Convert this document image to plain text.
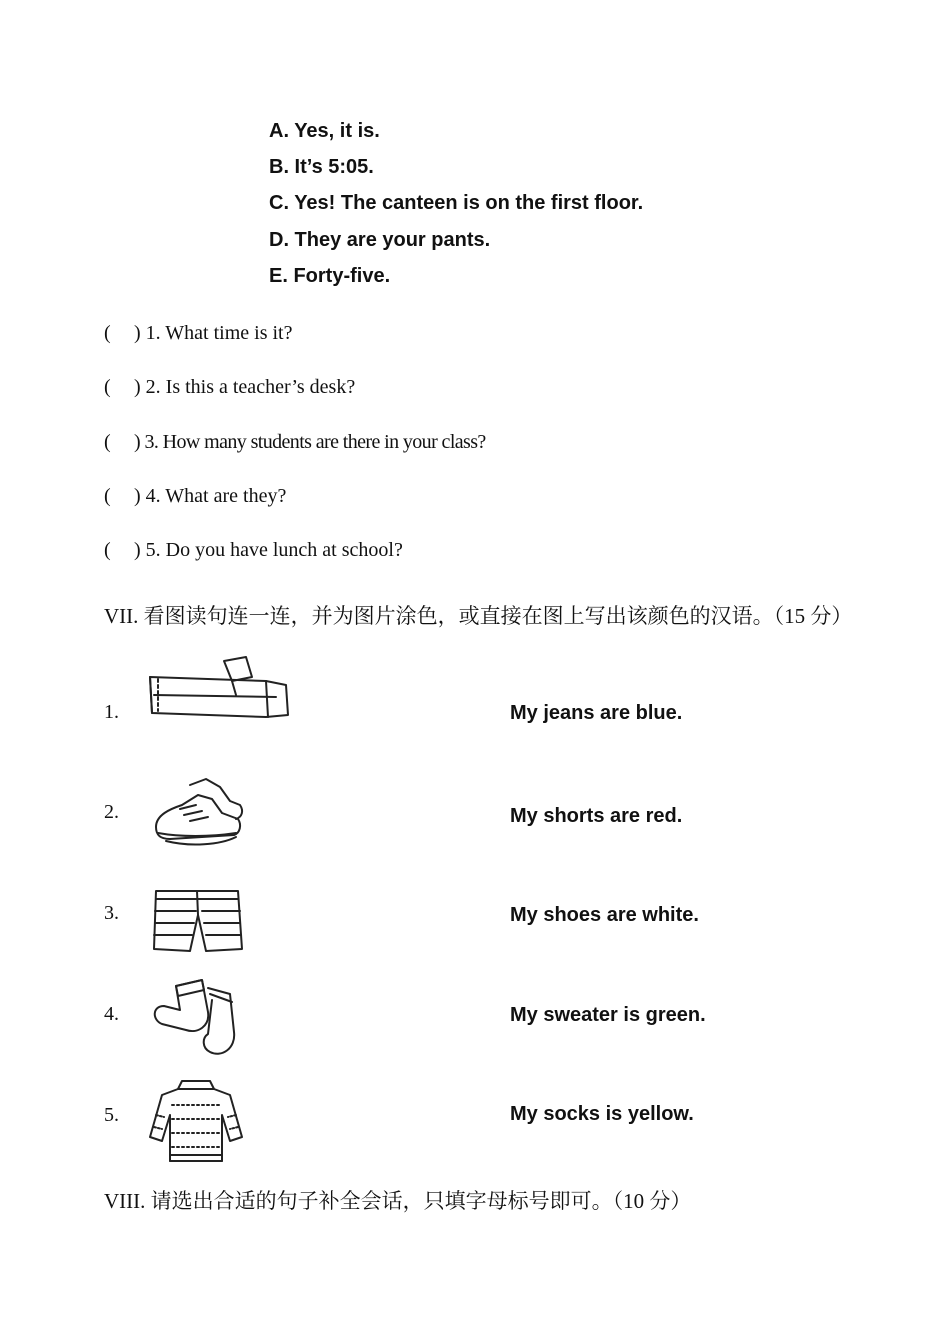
A. Yes, it is.
B. It’s 5:05.
C. Yes! The canteen is on the first floor.
D. They are your pants.
E. Forty-five.
( ) 1. What time is it?
( ) 2. Is this a teacher’s desk?
( ) 3. How many students are there in your class?
( ) 4. What are they?
( ) 5. Do you have lunch at school?
VII. 看图读句连一连，并为图片涂色，或直接在图上写出该颜色的汉语。（15 分）
1.	My jeans are blue.
2.	My shorts are red.
3.	My shoes are white.
4.	My sweater is green.
5.	My socks is yellow.
VIII. 请选出合适的句子补全会话，只填字母标号即可。（10 分）
